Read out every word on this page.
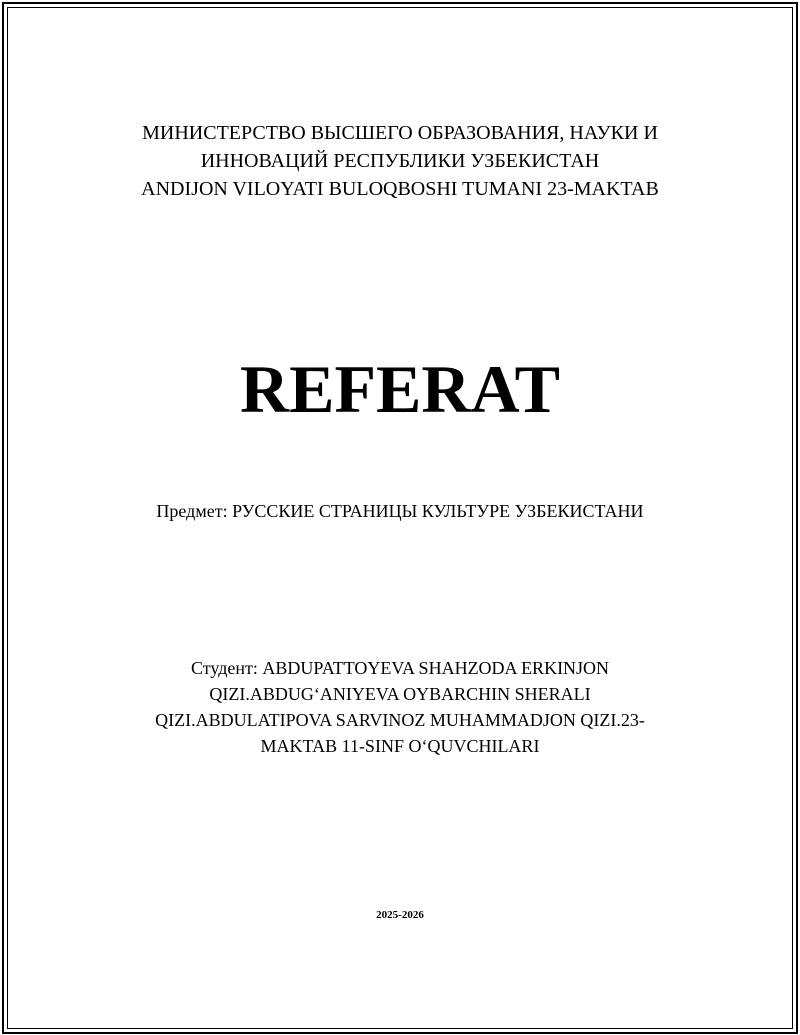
МИНИСТЕРСТВО ВЫСШЕГО ОБРАЗОВАНИЯ, НАУКИ И
ИННОВАЦИЙ РЕСПУБЛИКИ УЗБЕКИСТАН
ANDIJON VILOYATI BULOQBOSHI TUMANI 23-MAKTAB
REFERAT
Предмет: РУССКИЕ СТРАНИЦЫ КУЛЬТУРЕ УЗБЕКИСТАНИ
Студент: ABDUPATTOYEVA SHAHZODA ERKINJON
QIZI.ABDUG‘ANIYEVA OYBARCHIN SHERALI
QIZI.ABDULATIPOVA SARVINOZ MUHAMMADJON QIZI.23-
MAKTAB 11-SINF O‘QUVCHILARI
2025-2026
